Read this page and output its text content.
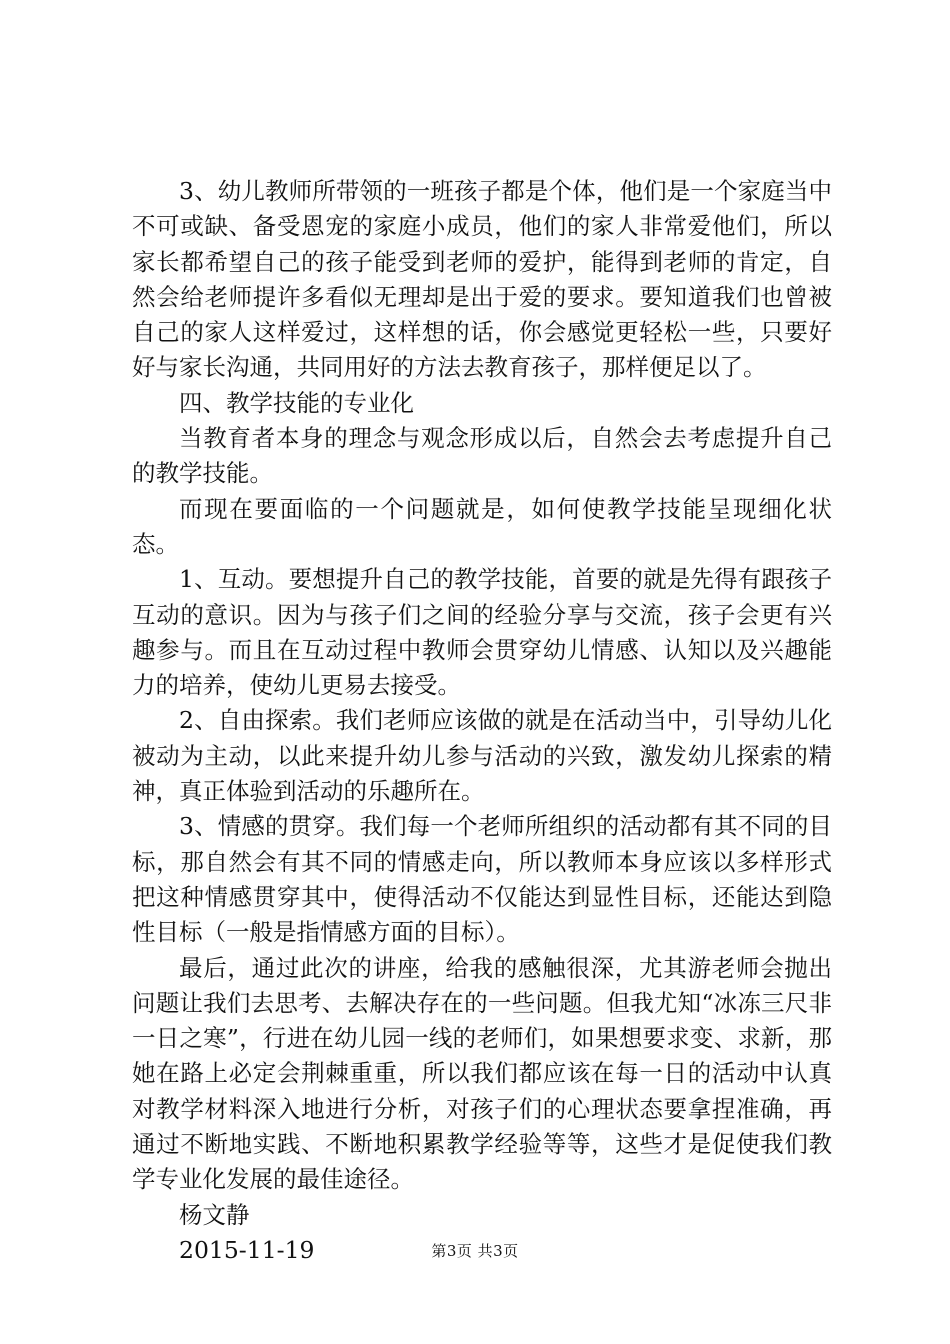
3、幼儿教师所带领的一班孩子都是个体，他们是一个家庭当中不可或缺、备受恩宠的家庭小成员，他们的家人非常爱他们，所以家长都希望自己的孩子能受到老师的爱护，能得到老师的肯定，自然会给老师提许多看似无理却是出于爱的要求。要知道我们也曾被自己的家人这样爱过，这样想的话，你会感觉更轻松一些，只要好好与家长沟通，共同用好的方法去教育孩子，那样便足以了。

四、教学技能的专业化

当教育者本身的理念与观念形成以后，自然会去考虑提升自己的教学技能。

而现在要面临的一个问题就是，如何使教学技能呈现细化状态。

1、互动。要想提升自己的教学技能，首要的就是先得有跟孩子互动的意识。因为与孩子们之间的经验分享与交流，孩子会更有兴趣参与。而且在互动过程中教师会贯穿幼儿情感、认知以及兴趣能力的培养，使幼儿更易去接受。

2、自由探索。我们老师应该做的就是在活动当中，引导幼儿化被动为主动，以此来提升幼儿参与活动的兴致，激发幼儿探索的精神，真正体验到活动的乐趣所在。

3、情感的贯穿。我们每一个老师所组织的活动都有其不同的目标，那自然会有其不同的情感走向，所以教师本身应该以多样形式把这种情感贯穿其中，使得活动不仅能达到显性目标，还能达到隐性目标（一般是指情感方面的目标）。

最后，通过此次的讲座，给我的感触很深，尤其游老师会抛出问题让我们去思考、去解决存在的一些问题。但我尤知“冰冻三尺非一日之寒”，行进在幼儿园一线的老师们，如果想要求变、求新，那她在路上必定会荆棘重重，所以我们都应该在每一日的活动中认真对教学材料深入地进行分析，对孩子们的心理状态要拿捏准确，再通过不断地实践、不断地积累教学经验等等，这些才是促使我们教学专业化发展的最佳途径。

杨文静

2015-11-19	第3页 共3页
